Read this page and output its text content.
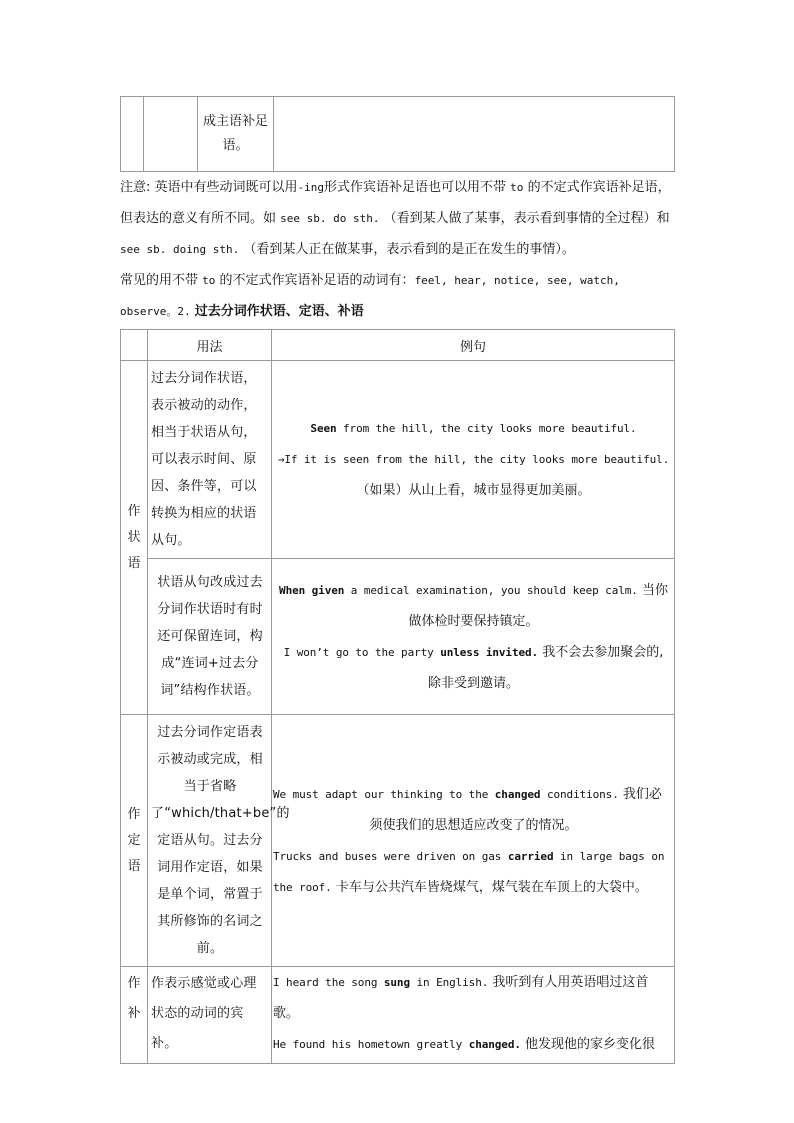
		成主语补足语。	

注意: 英语中有些动词既可以用-ing形式作宾语补足语也可以用不带 to 的不定式作宾语补足语，但表达的意义有所不同。如 see sb. do sth. （看到某人做了某事，表示看到事情的全过程）和 see sb. doing sth. （看到某人正在做某事，表示看到的是正在发生的事情）。
常见的用不带 to 的不定式作宾语补足语的动词有：feel, hear, notice, see, watch, observe。2. 过去分词作状语、定语、补语

	用法	例句
作状语	过去分词作状语，表示被动的动作，相当于状语从句，可以表示时间、原因、条件等，可以转换为相应的状语从句。	Seen from the hill, the city looks more beautiful.

→If it is seen from the hill, the city looks more beautiful.

（如果）从山上看，城市显得更加美丽。

	状语从句改成过去分词作状语时有时还可保留连词，构成“连词+过去分词”结构作状语。	When given a medical examination, you should keep calm. 当你

做体检时要保持镇定。

I won’t go to the party unless invited. 我不会去参加聚会的,

除非受到邀请。

作定语	过去分词作定语表示被动或完成，相当于省略了“which/that+be”的定语从句。过去分词用作定语，如果是单个词，常置于其所修饰的名词之前。	We must adapt our thinking to the changed conditions. 我们必

须使我们的思想适应改变了的情况。

Trucks and buses were driven on gas carried in large bags on

the roof. 卡车与公共汽车皆烧煤气，煤气装在车顶上的大袋中。

作补	作表示感觉或心理状态的动词的宾补。	I heard the song sung in English. 我听到有人用英语唱过这首歌。

He found his hometown greatly changed. 他发现他的家乡变化很
